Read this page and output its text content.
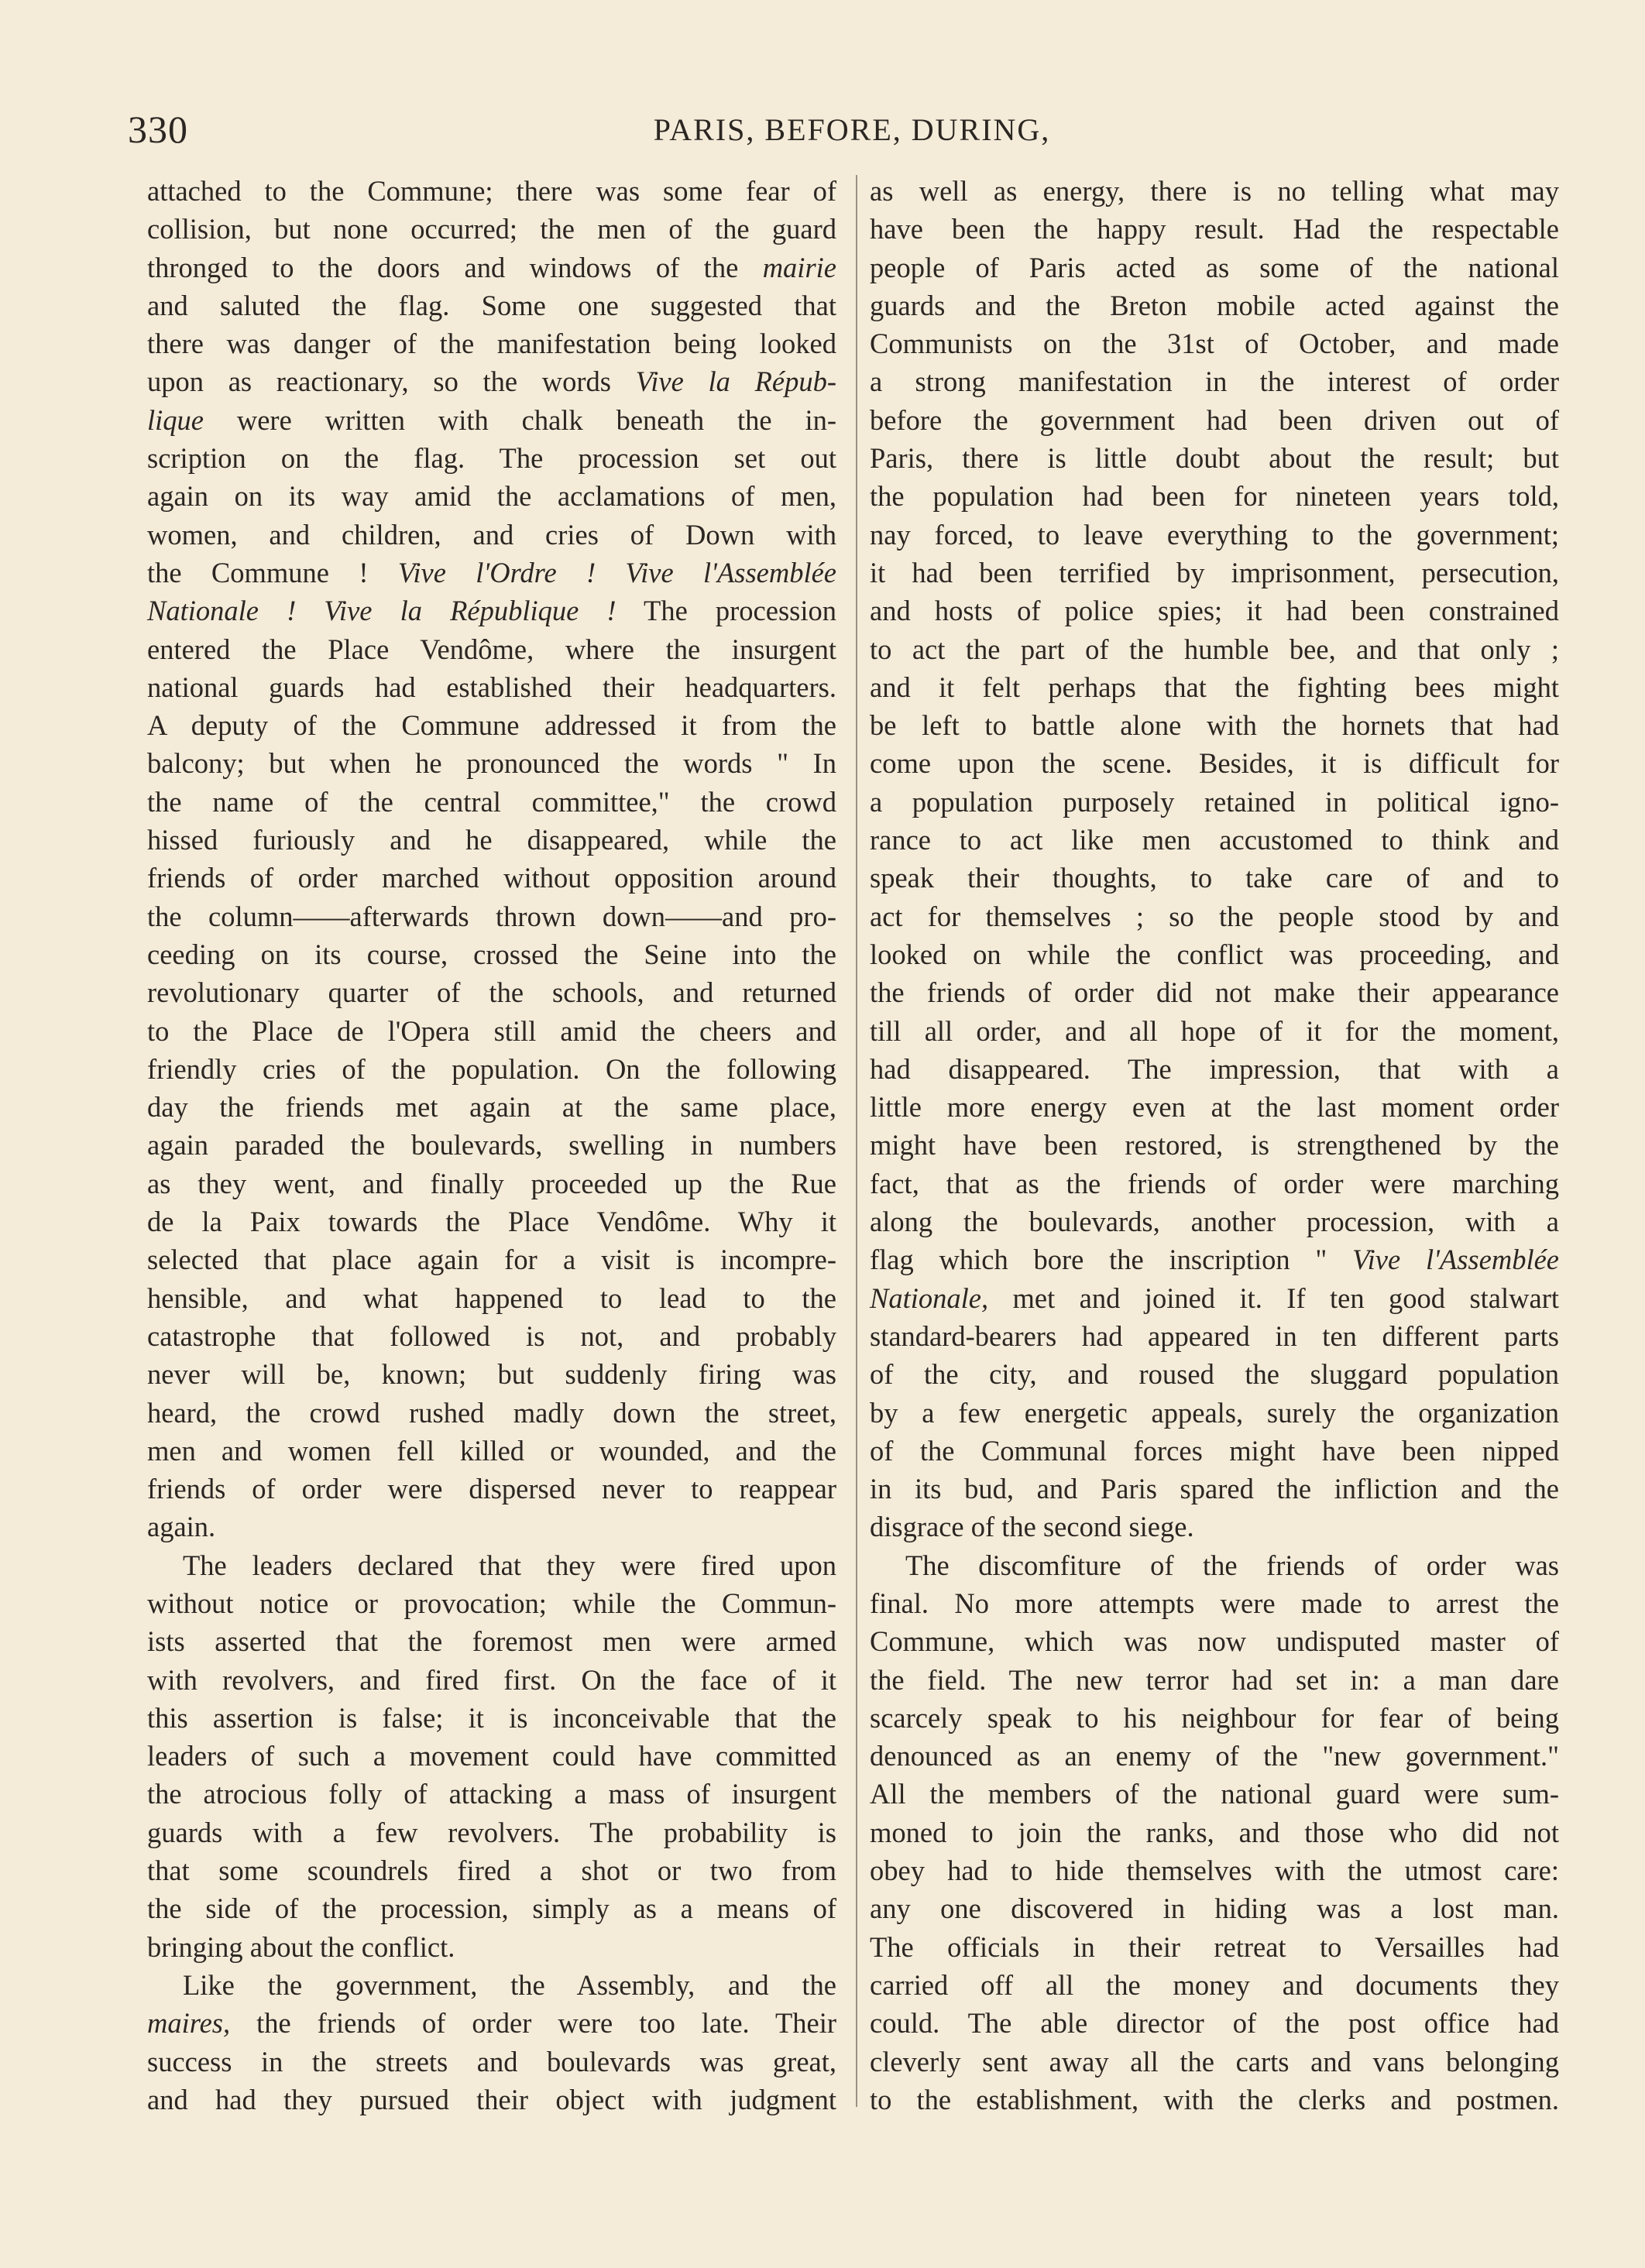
330	PARIS, BEFORE, DURING,
attached to the Commune; there was some fear of
collision, but none occurred; the men of the guard
thronged to the doors and windows of the mairie
and saluted the flag. Some one suggested that
there was danger of the manifestation being looked
upon as reactionary, so the words Vive la Répub-
lique were written with chalk beneath the in-
scription on the flag. The procession set out
again on its way amid the acclamations of men,
women, and children, and cries of Down with
the Commune ! Vive l'Ordre ! Vive l'Assemblée
Nationale ! Vive la République ! The procession
entered the Place Vendôme, where the insurgent
national guards had established their headquarters.
A deputy of the Commune addressed it from the
balcony; but when he pronounced the words " In
the name of the central committee," the crowd
hissed furiously and he disappeared, while the
friends of order marched without opposition around
the column——afterwards thrown down——and pro-
ceeding on its course, crossed the Seine into the
revolutionary quarter of the schools, and returned
to the Place de l'Opera still amid the cheers and
friendly cries of the population. On the following
day the friends met again at the same place,
again paraded the boulevards, swelling in numbers
as they went, and finally proceeded up the Rue
de la Paix towards the Place Vendôme. Why it
selected that place again for a visit is incompre-
hensible, and what happened to lead to the
catastrophe that followed is not, and probably
never will be, known; but suddenly firing was
heard, the crowd rushed madly down the street,
men and women fell killed or wounded, and the
friends of order were dispersed never to reappear
again.
The leaders declared that they were fired upon
without notice or provocation; while the Commun-
ists asserted that the foremost men were armed
with revolvers, and fired first. On the face of it
this assertion is false; it is inconceivable that the
leaders of such a movement could have committed
the atrocious folly of attacking a mass of insurgent
guards with a few revolvers. The probability is
that some scoundrels fired a shot or two from
the side of the procession, simply as a means of
bringing about the conflict.
Like the government, the Assembly, and the
maires, the friends of order were too late. Their
success in the streets and boulevards was great,
and had they pursued their object with judgment
as well as energy, there is no telling what may
have been the happy result. Had the respectable
people of Paris acted as some of the national
guards and the Breton mobile acted against the
Communists on the 31st of October, and made
a strong manifestation in the interest of order
before the government had been driven out of
Paris, there is little doubt about the result; but
the population had been for nineteen years told,
nay forced, to leave everything to the government;
it had been terrified by imprisonment, persecution,
and hosts of police spies; it had been constrained
to act the part of the humble bee, and that only ;
and it felt perhaps that the fighting bees might
be left to battle alone with the hornets that had
come upon the scene. Besides, it is difficult for
a population purposely retained in political igno-
rance to act like men accustomed to think and
speak their thoughts, to take care of and to
act for themselves ; so the people stood by and
looked on while the conflict was proceeding, and
the friends of order did not make their appearance
till all order, and all hope of it for the moment,
had disappeared. The impression, that with a
little more energy even at the last moment order
might have been restored, is strengthened by the
fact, that as the friends of order were marching
along the boulevards, another procession, with a
flag which bore the inscription " Vive l'Assemblée
Nationale, met and joined it. If ten good stalwart
standard-bearers had appeared in ten different parts
of the city, and roused the sluggard population
by a few energetic appeals, surely the organization
of the Communal forces might have been nipped
in its bud, and Paris spared the infliction and the
disgrace of the second siege.
The discomfiture of the friends of order was
final. No more attempts were made to arrest the
Commune, which was now undisputed master of
the field. The new terror had set in: a man dare
scarcely speak to his neighbour for fear of being
denounced as an enemy of the "new government."
All the members of the national guard were sum-
moned to join the ranks, and those who did not
obey had to hide themselves with the utmost care:
any one discovered in hiding was a lost man.
The officials in their retreat to Versailles had
carried off all the money and documents they
could. The able director of the post office had
cleverly sent away all the carts and vans belonging
to the establishment, with the clerks and postmen.
